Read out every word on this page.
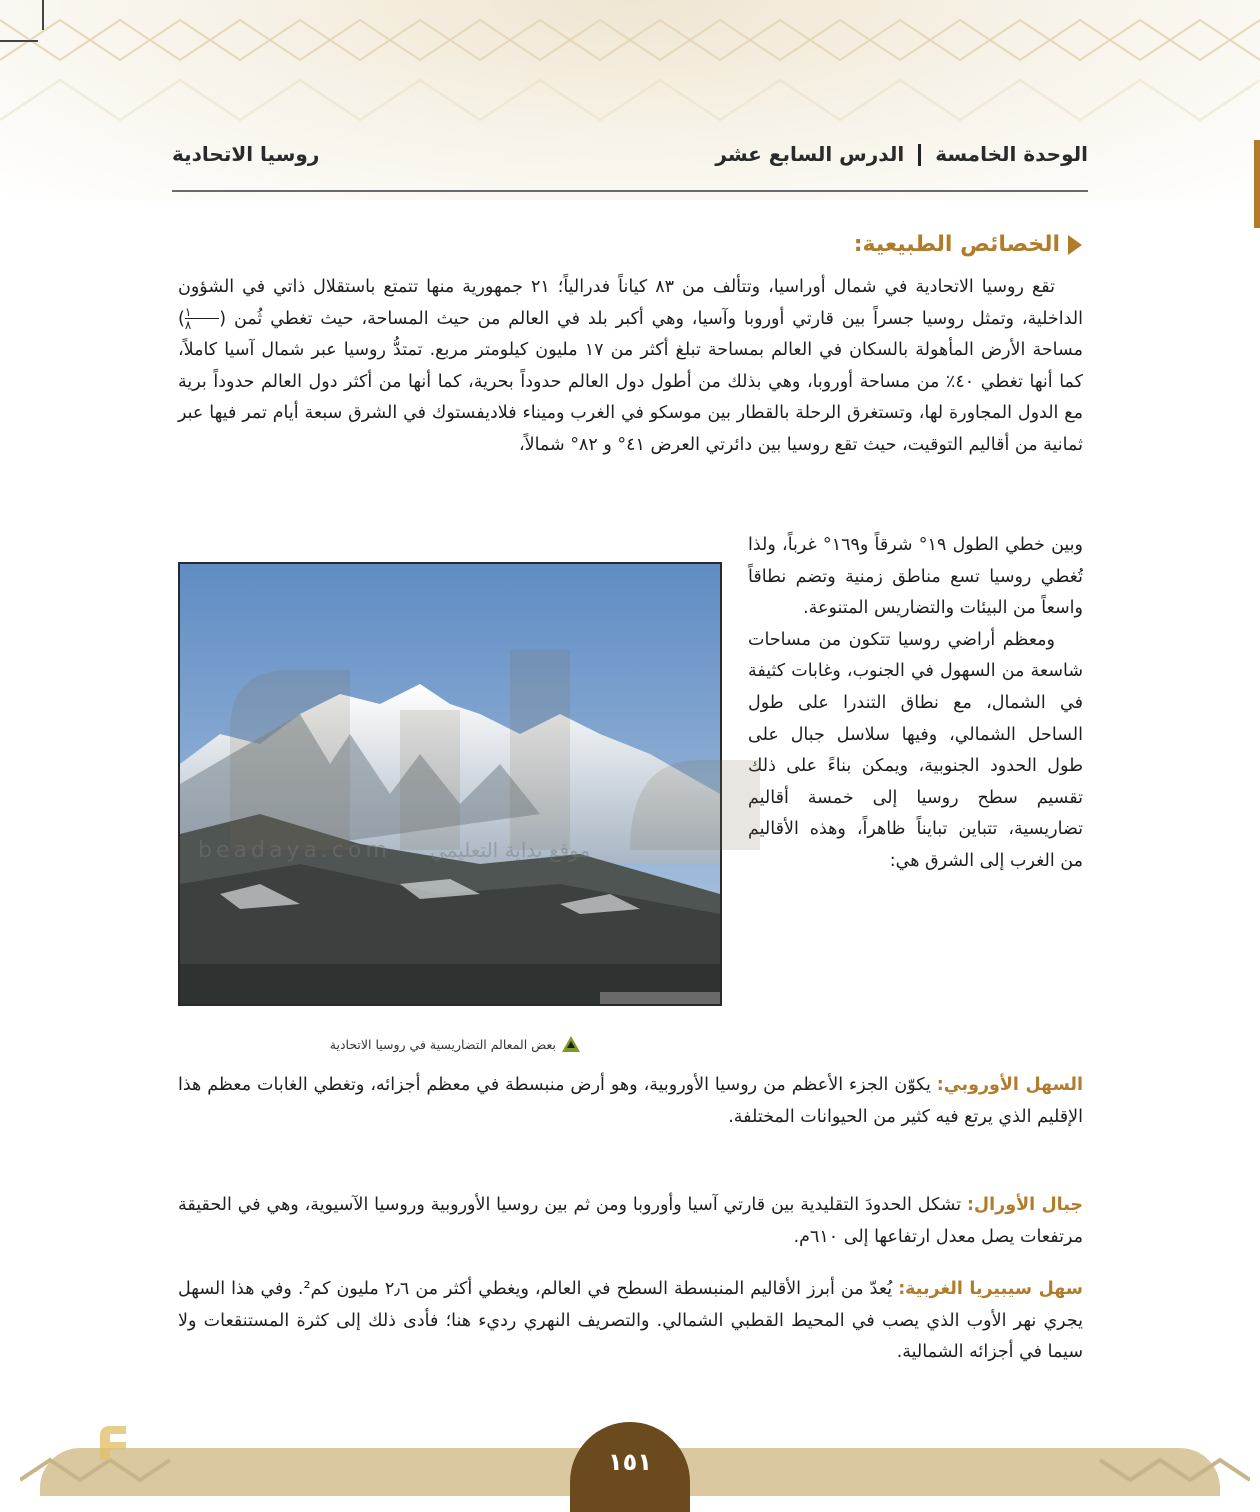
الوحدة الخامسةالدرس السابع عشر
روسيا الاتحادية
الخصائص الطبيعية:
تقع روسيا الاتحادية في شمال أوراسيا، وتتألف من ٨٣ كياناً فدرالياً؛ ٢١ جمهورية منها تتمتع باستقلال ذاتي في الشؤون الداخلية، وتمثل روسيا جسراً بين قارتي أوروبا وآسيا، وهي أكبر بلد في العالم من حيث المساحة، حيث تغطي ثُمن (
$\frac{١}{٨}$
) مساحة الأرض المأهولة بالسكان في العالم بمساحة تبلغ أكثر من ١٧ مليون كيلومتر مربع. تمتدُّ روسيا عبر شمال آسيا كاملاً، كما أنها تغطي ٤٠٪ من مساحة أوروبا، وهي بذلك من أطول دول العالم حدوداً بحرية، كما أنها من أكثر دول العالم حدوداً برية مع الدول المجاورة لها، وتستغرق الرحلة بالقطار بين موسكو في الغرب وميناء فلاديفستوك في الشرق سبعة أيام تمر فيها عبر ثمانية من أقاليم التوقيت، حيث تقع روسيا بين دائرتي العرض ٤١° و ٨٢° شمالاً،

وبين خطي الطول ١٩° شرقاً و١٦٩° غرباً، ولذا تُغطي روسيا تسع مناطق زمنية وتضم نطاقاً واسعاً من البيئات والتضاريس المتنوعة.

ومعظم أراضي روسيا تتكون من مساحات شاسعة من السهول في الجنوب، وغابات كثيفة في الشمال، مع نطاق التندرا على طول الساحل الشمالي، وفيها سلاسل جبال على طول الحدود الجنوبية، ويمكن بناءً على ذلك تقسيم سطح روسيا إلى خمسة أقاليم تضاريسية، تتباين تبايناً ظاهراً، وهذه الأقاليم من الغرب إلى الشرق هي:

بعض المعالم التضاريسية في روسيا الاتحادية
beadaya.com موقع بداية التعليمي
السهل الأوروبي: يكوّن الجزء الأعظم من روسيا الأوروبية، وهو أرض منبسطة في معظم أجزائه، وتغطي الغابات معظم هذا الإقليم الذي يرتع فيه كثير من الحيوانات المختلفة.
جبال الأورال: تشكل الحدودَ التقليدية بين قارتي آسيا وأوروبا ومن ثم بين روسيا الأوروبية وروسيا الآسيوية، وهي في الحقيقة مرتفعات يصل معدل ارتفاعها إلى ٦١٠م.
سهل سيبيريا الغربية: يُعدّ من أبرز الأقاليم المنبسطة السطح في العالم، ويغطي أكثر من ٢٫٦ مليون كم². وفي هذا السهل يجري نهر الأوب الذي يصب في المحيط القطبي الشمالي. والتصريف النهري رديء هنا؛ فأدى ذلك إلى كثرة المستنقعات ولا سيما في أجزائه الشمالية.
١٥١
